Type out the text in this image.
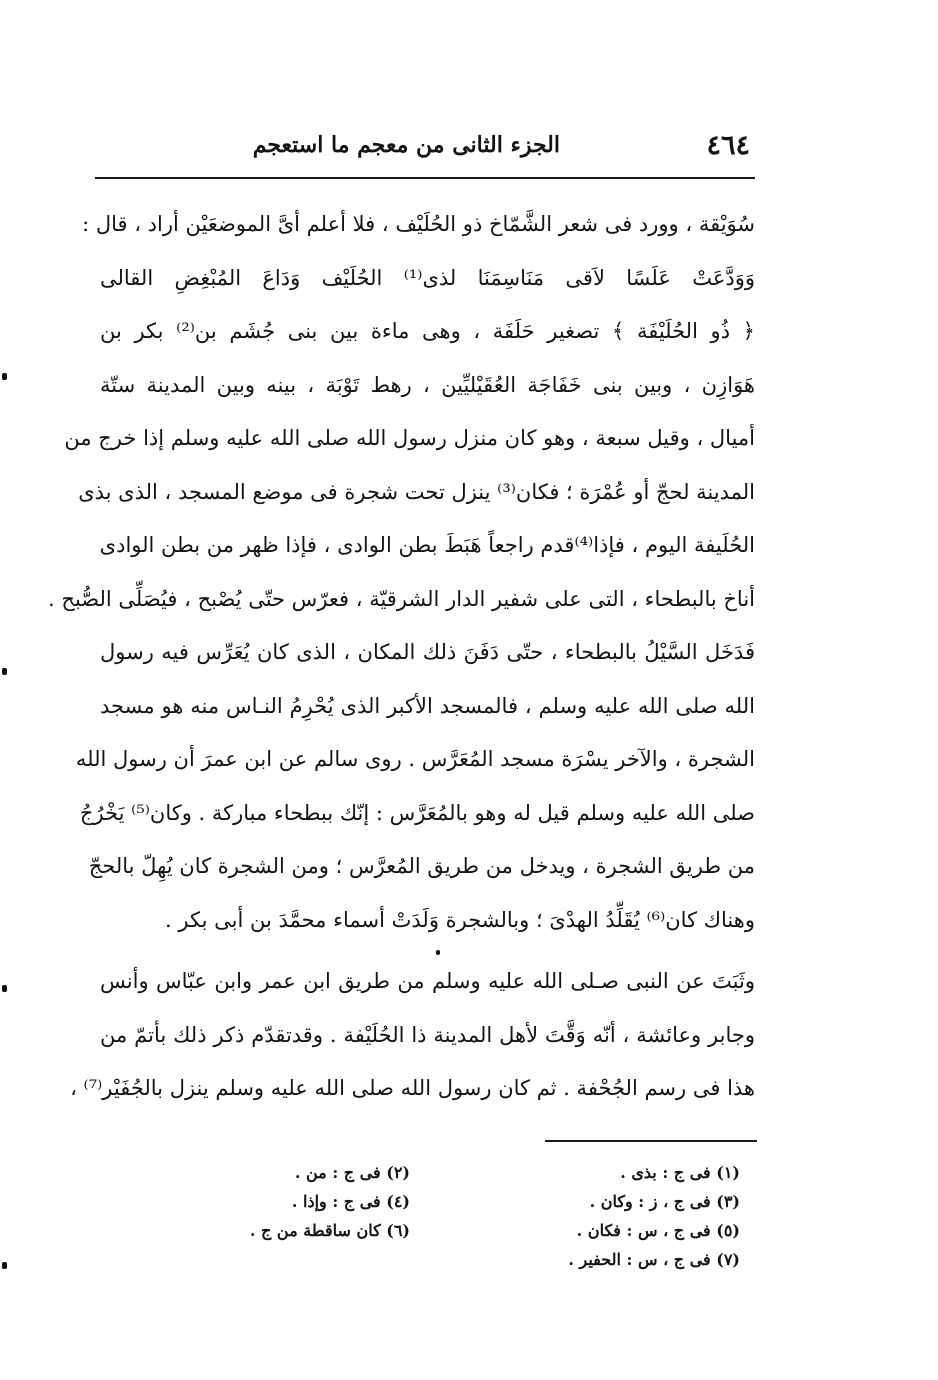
٤٦٤
الجزء الثانى من معجم ما استعجم
سُوَيْقة ، وورد فى شعر الشَّمّاخ ذو الحُلَيْف ، فلا أعلم أىَّ الموضعَيْن أراد ، قال :
وَوَدَّعَتْ عَلَسًا لاَقى مَنَاسِمَنَا لذى⁽¹⁾ الحُلَيْف وَدَاعَ المُبْغِضِ القالى
﴿ ذُو الحُلَيْفَة ﴾ تصغير حَلَفَة ، وهى ماءة بين بنى جُشَم بن⁽²⁾ بكر بن
هَوَازِن ، وبين بنى خَفَاجَة العُقَيْليِّين ، رهط تَوْبَة ، بينه وبين المدينة ستّة
أميال ، وقيل سبعة ، وهو كان منزل رسول الله صلى الله عليه وسلم إذا خرج من
المدينة لحجّ أو عُمْرَة ؛ فكان⁽³⁾ ينزل تحت شجرة فى موضع المسجد ، الذى بذى
الحُلَيفة اليوم ، فإذا⁽⁴⁾قدم راجعاً هَبَطَ بطن الوادى ، فإذا ظهر من بطن الوادى
أناخ بالبطحاء ، التى على شفير الدار الشرقيّة ، فعرّس حتّى يُصْبح ، فيُصَلِّى الصُّبح .
فَدَخَل السَّيْلُ بالبطحاء ، حتّى دَفَنَ ذلك المكان ، الذى كان يُعَرِّس فيه رسول
الله صلى الله عليه وسلم ، فالمسجد الأكبر الذى يُحْرِمُ النـاس منه هو مسجد
الشجرة ، والآخر يسْرَة مسجد المُعَرَّس . روى سالم عن ابن عمرَ أن رسول الله
صلى الله عليه وسلم قيل له وهو بالمُعَرَّس : إنّك ببطحاء مباركة . وكان⁽⁵⁾ يَخْرُجُ
من طريق الشجرة ، ويدخل من طريق المُعرَّس ؛ ومن الشجرة كان يُهِلّ بالحجّ
وهناك كان⁽⁶⁾ يُقَلِّدُ الهدْىَ ؛ وبالشجرة وَلَدَتْ أسماء محمَّدَ بن أبى بكر .
وثَبَتَ عن النبى صـلى الله عليه وسلم من طريق ابن عمر وابن عبّاس وأنس
وجابر وعائشة ، أنّه وَقَّتَ لأهل المدينة ذا الحُلَيْفة . وقدتقدّم ذكر ذلك بأتمّ من
هذا فى رسم الجُحْفة . ثم كان رسول الله صلى الله عليه وسلم ينزل بالجُفَيْر⁽⁷⁾ ،
(١) فى ج : بذى .
(٢) فى ج : من .
(٣) فى ج ، ز : وكان .
(٤) فى ج : وإذا .
(٥) فى ج ، س : فكان .
(٦) كان ساقطة من ج .
(٧) فى ج ، س : الحفير .
